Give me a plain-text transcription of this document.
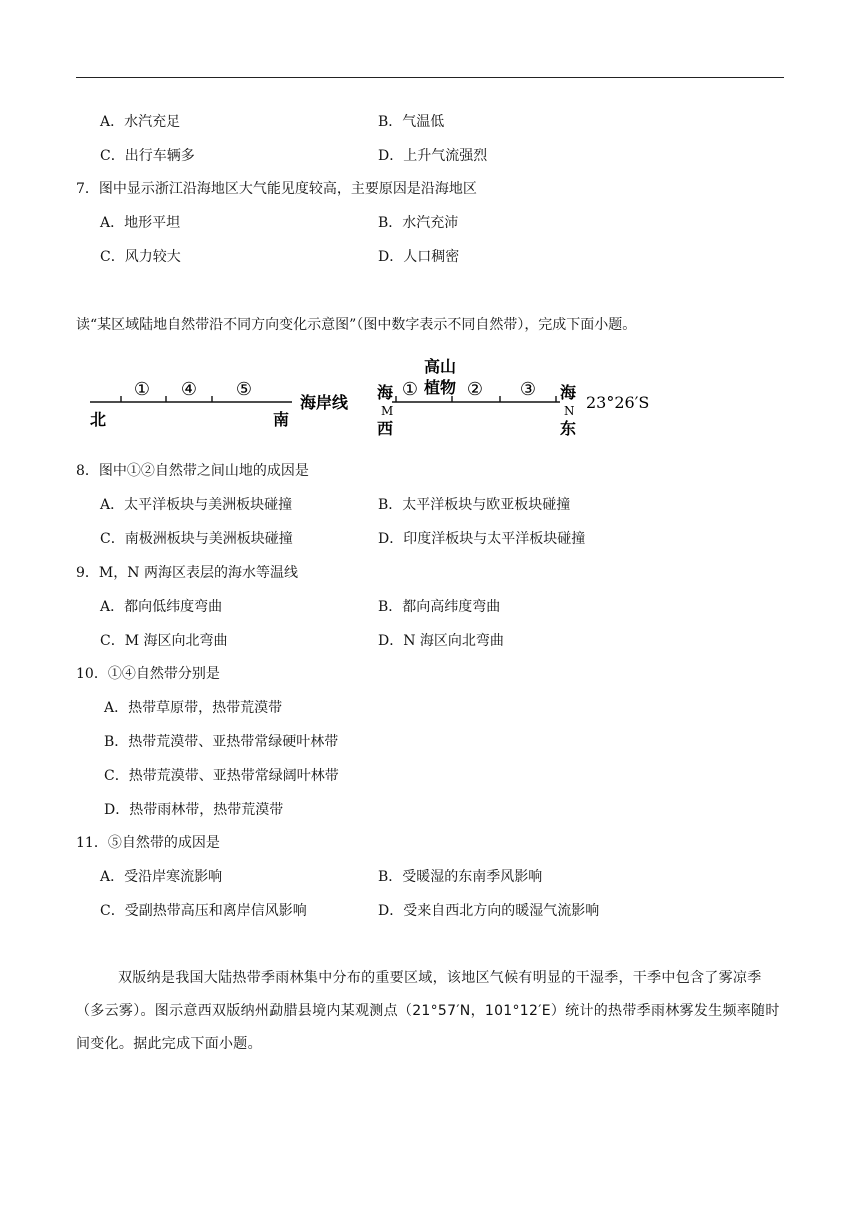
A．水汽充足	B．气温低
C．出行车辆多	D．上升气流强烈
7．图中显示浙江沿海地区大气能见度较高，主要原因是沿海地区
A．地形平坦	B．水汽充沛
C．风力较大	D．人口稠密
读“某区域陆地自然带沿不同方向变化示意图”（图中数字表示不同自然带），完成下面小题。
① ④ ⑤
北	南
海岸线
海
M
西
①
高山
植物 ② ③ 海
N
东
23°26′S
8．图中①②自然带之间山地的成因是
A．太平洋板块与美洲板块碰撞	B．太平洋板块与欧亚板块碰撞
C．南极洲板块与美洲板块碰撞	D．印度洋板块与太平洋板块碰撞
9．M，N 两海区表层的海水等温线
A．都向低纬度弯曲	B．都向高纬度弯曲
C．M 海区向北弯曲	D．N 海区向北弯曲
10．①④自然带分别是
A．热带草原带，热带荒漠带
B．热带荒漠带、亚热带常绿硬叶林带
C．热带荒漠带、亚热带常绿阔叶林带
D．热带雨林带，热带荒漠带
11．⑤自然带的成因是
A．受沿岸寒流影响	B．受暖湿的东南季风影响
C．受副热带高压和离岸信风影响	D．受来自西北方向的暖湿气流影响
双版纳是我国大陆热带季雨林集中分布的重要区域，该地区气候有明显的干湿季，干季中包含了雾凉季（多云雾）。图示意西双版纳州勐腊县境内某观测点（21°57′N，101°12′E）统计的热带季雨林雾发生频率随时间变化。据此完成下面小题。
